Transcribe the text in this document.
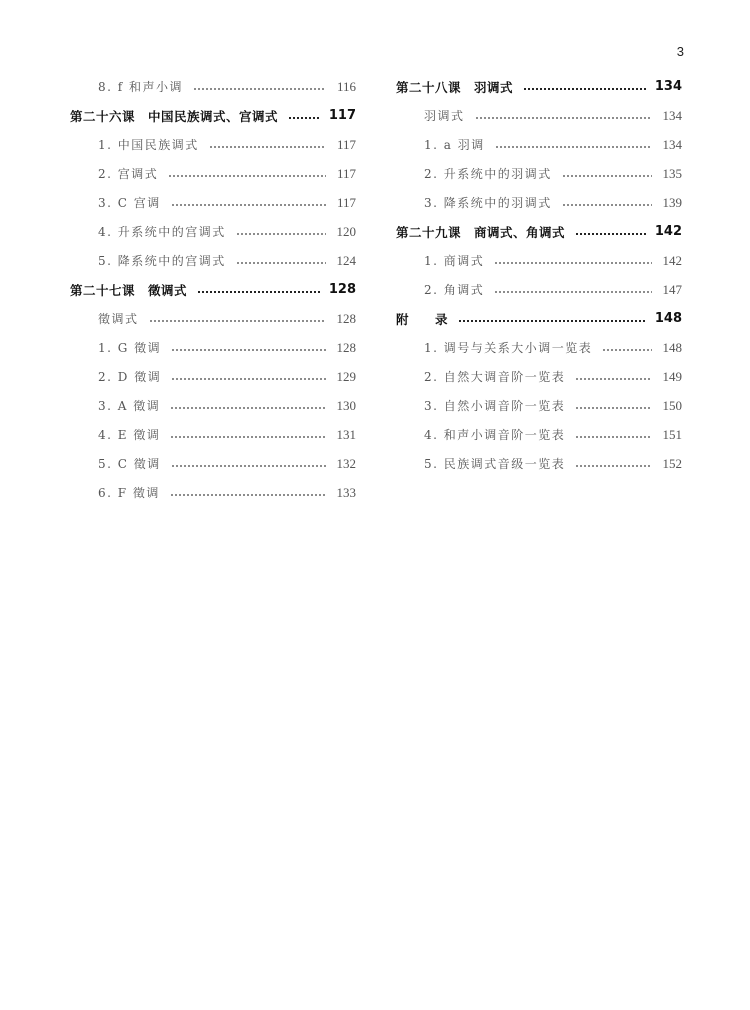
3
8. f 和声小调	116
第二十六课　中国民族调式、宫调式	117
1. 中国民族调式	117
2. 宫调式	117
3. C 宫调	117
4. 升系统中的宫调式	120
5. 降系统中的宫调式	124
第二十七课　徵调式	128
徵调式	128
1. G 徵调	128
2. D 徵调	129
3. A 徵调	130
4. E 徵调	131
5. C 徵调	132
6. F 徵调	133
第二十八课　羽调式	134
羽调式	134
1. a 羽调	134
2. 升系统中的羽调式	135
3. 降系统中的羽调式	139
第二十九课　商调式、角调式	142
1. 商调式	142
2. 角调式	147
附　　录	148
1. 调号与关系大小调一览表	148
2. 自然大调音阶一览表	149
3. 自然小调音阶一览表	150
4. 和声小调音阶一览表	151
5. 民族调式音级一览表	152
